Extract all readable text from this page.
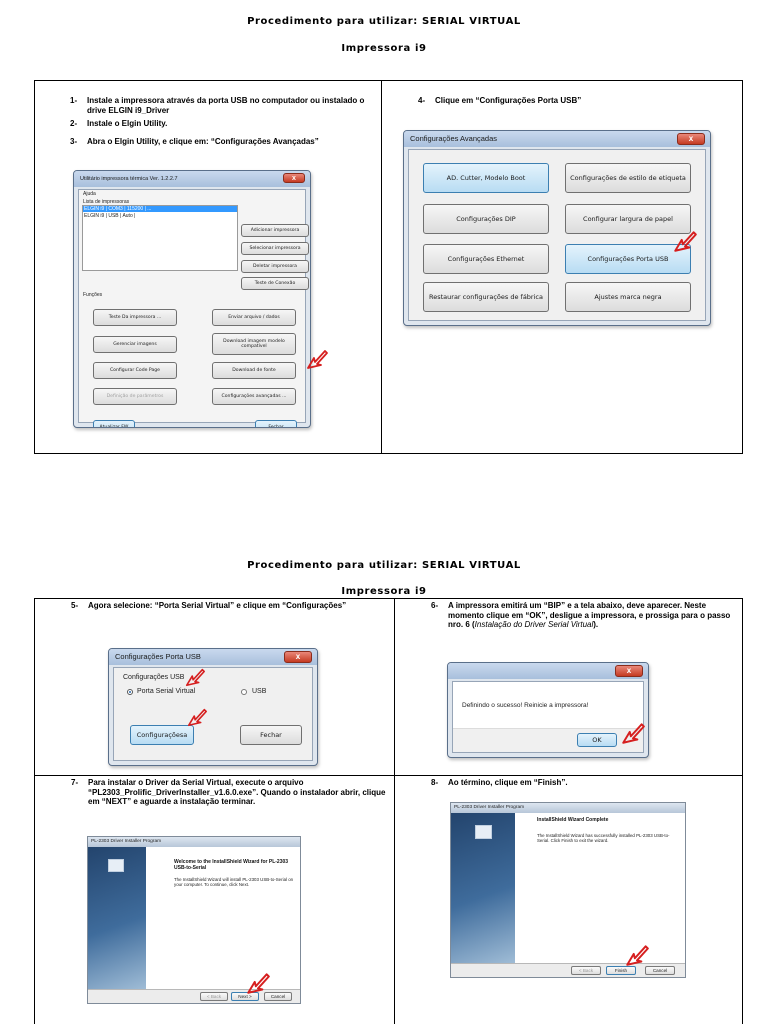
Procedimento para utilizar: SERIAL VIRTUAL
Impressora i9
1- Instale a impressora através da porta USB no computador ou instalado o drive ELGIN i9_Driver
2- Instale o Elgin Utility.
3- Abra o Elgin Utility, e clique em: “Configurações Avançadas”
4- Clique em “Configurações Porta USB”
Utilitário impressora térmica Ver. 1.2.2.7	x
Ajuda
Lista de impressoras
ELGIN i9 | COM3 | 115200 | ...
ELGIN i9 | USB | Auto |
Adicionar impressora
Selecionar impressora
Deletar impressora
Teste de Conexão
Funções
Teste Da impressora ...
Gerenciar imagens
Configurar Code Page
Definição de parâmetros
Enviar arquivo / dados
Download imagem modelo compatível
Download de fonte
Configurações avançadas ...
Atualizar FW	Fechar
Configurações Avançadas	x
AD. Cutter, Modelo Boot	Configurações de estilo de etiqueta
Configurações DIP	Configurar largura de papel
Configurações Ethernet	Configurações Porta USB
Restaurar configurações de fábrica	Ajustes marca negra
Procedimento para utilizar: SERIAL VIRTUAL
Impressora i9
5- Agora selecione: “Porta Serial Virtual” e clique em “Configurações”	6- A impressora emitirá um “BIP” e a tela abaixo, deve aparecer. Neste momento clique em “OK”, desligue a impressora, e prossiga para o passo nro. 6 (Instalação do Driver Serial Virtual).
7- Para instalar o Driver da Serial Virtual, execute o arquivo “PL2303_Prolific_DriverInstaller_v1.6.0.exe”. Quando o instalador abrir, clique em “NEXT” e aguarde a instalação terminar.
8- Ao término, clique em “Finish”.
Configurações Porta USB	x
Configurações USB
Porta Serial Virtual	USB
Configuraçõesa	Fechar
x
Definindo o sucesso! Reinicie a impressora!
OK
PL-2303 Driver Installer Program
Welcome to the InstallShield Wizard for PL-2303 USB-to-Serial
The InstallShield Wizard will install PL-2303 USB-to-Serial on your computer. To continue, click Next.
< Back	Next >	Cancel
PL-2303 Driver Installer Program
InstallShield Wizard Complete
The InstallShield Wizard has successfully installed PL-2303 USB-to-Serial. Click Finish to exit the wizard.
< Back	Finish	Cancel
